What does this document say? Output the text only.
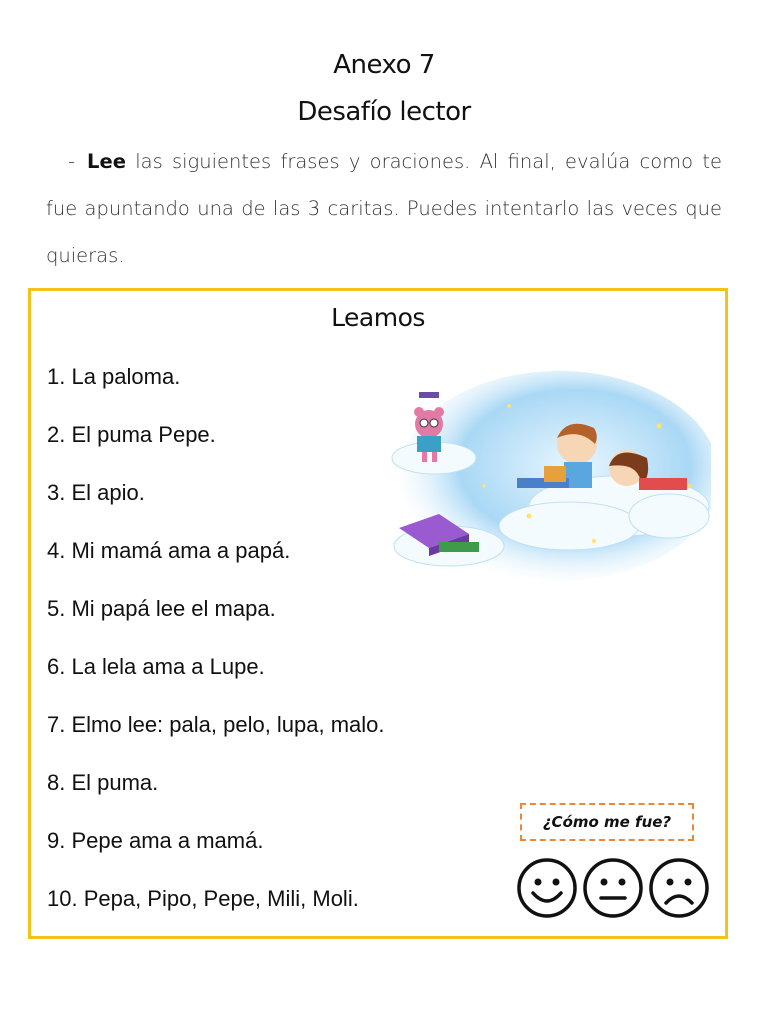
Anexo 7
Desafío lector
- Lee las siguientes frases y oraciones. Al final, evalúa como te fue apuntando una de las 3 caritas. Puedes intentarlo las veces que quieras.
Leamos
1. La paloma.
2. El puma Pepe.
3. El apio.
4. Mi mamá ama a papá.
5. Mi papá lee el mapa.
6. La lela ama a Lupe.
7. Elmo lee: pala, pelo, lupa, malo.
8. El puma.
9. Pepe ama a mamá.
10. Pepa, Pipo, Pepe, Mili, Moli.
¿Cómo me fue?
